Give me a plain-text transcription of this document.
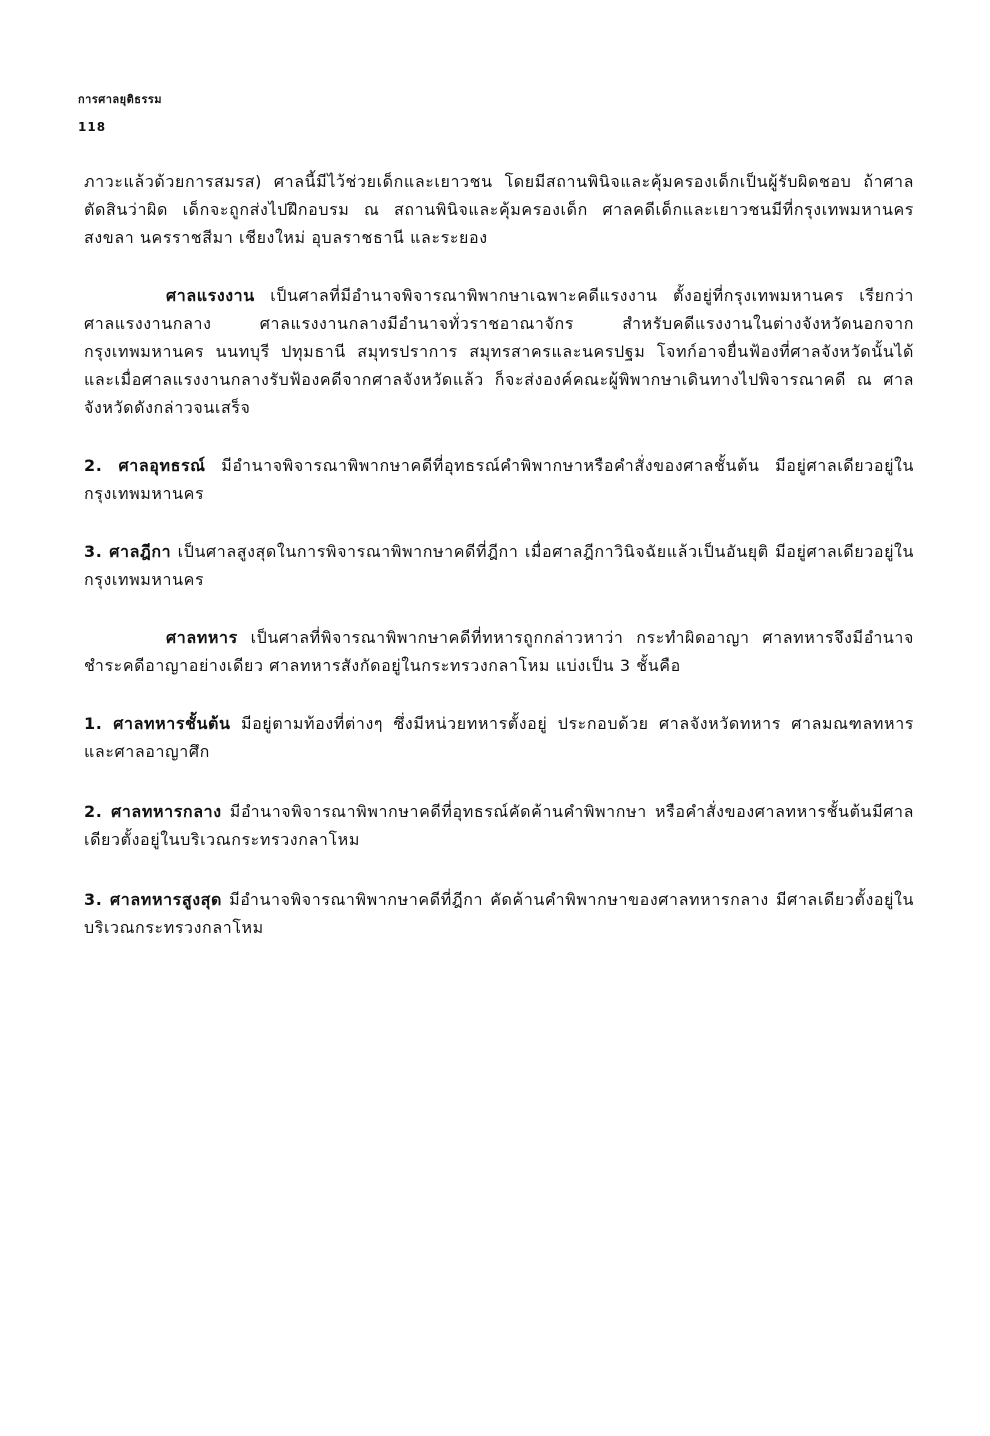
การศาลยุติธรรม
118

ภาวะแล้วด้วยการสมรส) ศาลนี้มีไว้ช่วยเด็กและเยาวชน โดยมีสถานพินิจและคุ้มครองเด็กเป็นผู้รับผิดชอบ ถ้าศาลตัดสินว่าผิด เด็กจะถูกส่งไปฝึกอบรม ณ สถานพินิจและคุ้มครองเด็ก ศาลคดีเด็กและเยาวชนมีที่กรุงเทพมหานคร สงขลา นครราชสีมา เชียงใหม่ อุบลราชธานี และระยอง

ศาลแรงงาน เป็นศาลที่มีอำนาจพิจารณาพิพากษาเฉพาะคดีแรงงาน ตั้งอยู่ที่กรุงเทพมหานคร เรียกว่าศาลแรงงานกลาง ศาลแรงงานกลางมีอำนาจทั่วราชอาณาจักร สำหรับคดีแรงงานในต่างจังหวัดนอกจากกรุงเทพมหานคร นนทบุรี ปทุมธานี สมุทรปราการ สมุทรสาครและนครปฐม โจทก์อาจยื่นฟ้องที่ศาลจังหวัดนั้นได้ และเมื่อศาลแรงงานกลางรับฟ้องคดีจากศาลจังหวัดแล้ว ก็จะส่งองค์คณะผู้พิพากษาเดินทางไปพิจารณาคดี ณ ศาลจังหวัดดังกล่าวจนเสร็จ

2. ศาลอุทธรณ์ มีอำนาจพิจารณาพิพากษาคดีที่อุทธรณ์คำพิพากษาหรือคำสั่งของศาลชั้นต้น มีอยู่ศาลเดียวอยู่ในกรุงเทพมหานคร

3. ศาลฎีกา เป็นศาลสูงสุดในการพิจารณาพิพากษาคดีที่ฎีกา เมื่อศาลฎีกาวินิจฉัยแล้วเป็นอันยุติ มีอยู่ศาลเดียวอยู่ในกรุงเทพมหานคร

ศาลทหาร เป็นศาลที่พิจารณาพิพากษาคดีที่ทหารถูกกล่าวหาว่า กระทำผิดอาญา ศาลทหารจึงมีอำนาจชำระคดีอาญาอย่างเดียว ศาลทหารสังกัดอยู่ในกระทรวงกลาโหม แบ่งเป็น 3 ชั้นคือ

1. ศาลทหารชั้นต้น มีอยู่ตามท้องที่ต่างๆ ซึ่งมีหน่วยทหารตั้งอยู่ ประกอบด้วย ศาลจังหวัดทหาร ศาลมณฑลทหาร และศาลอาญาศึก

2. ศาลทหารกลาง มีอำนาจพิจารณาพิพากษาคดีที่อุทธรณ์คัดค้านคำพิพากษา หรือคำสั่งของศาลทหารชั้นต้นมีศาลเดียวตั้งอยู่ในบริเวณกระทรวงกลาโหม

3. ศาลทหารสูงสุด มีอำนาจพิจารณาพิพากษาคดีที่ฎีกา คัดค้านคำพิพากษาของศาลทหารกลาง มีศาลเดียวตั้งอยู่ในบริเวณกระทรวงกลาโหม
